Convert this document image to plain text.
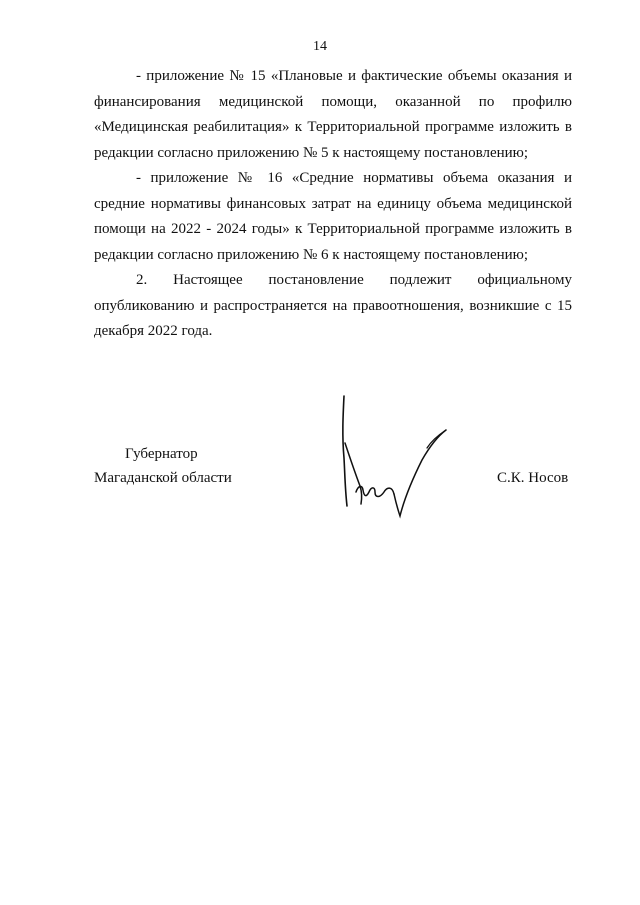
14

- приложение № 15 «Плановые и фактические объемы оказания и финансирования медицинской помощи, оказанной по профилю «Медицинская реабилитация» к Территориальной программе изложить в редакции согласно приложению № 5 к настоящему постановлению;

- приложение № 16 «Средние нормативы объема оказания и средние нормативы финансовых затрат на единицу объема медицинской помощи на 2022 - 2024 годы» к Территориальной программе изложить в редакции согласно приложению № 6 к настоящему постановлению;

2. Настоящее постановление подлежит официальному опубликованию и распространяется на правоотношения, возникшие с 15 декабря 2022 года.

Губернатор
Магаданской области	С.К. Носов
